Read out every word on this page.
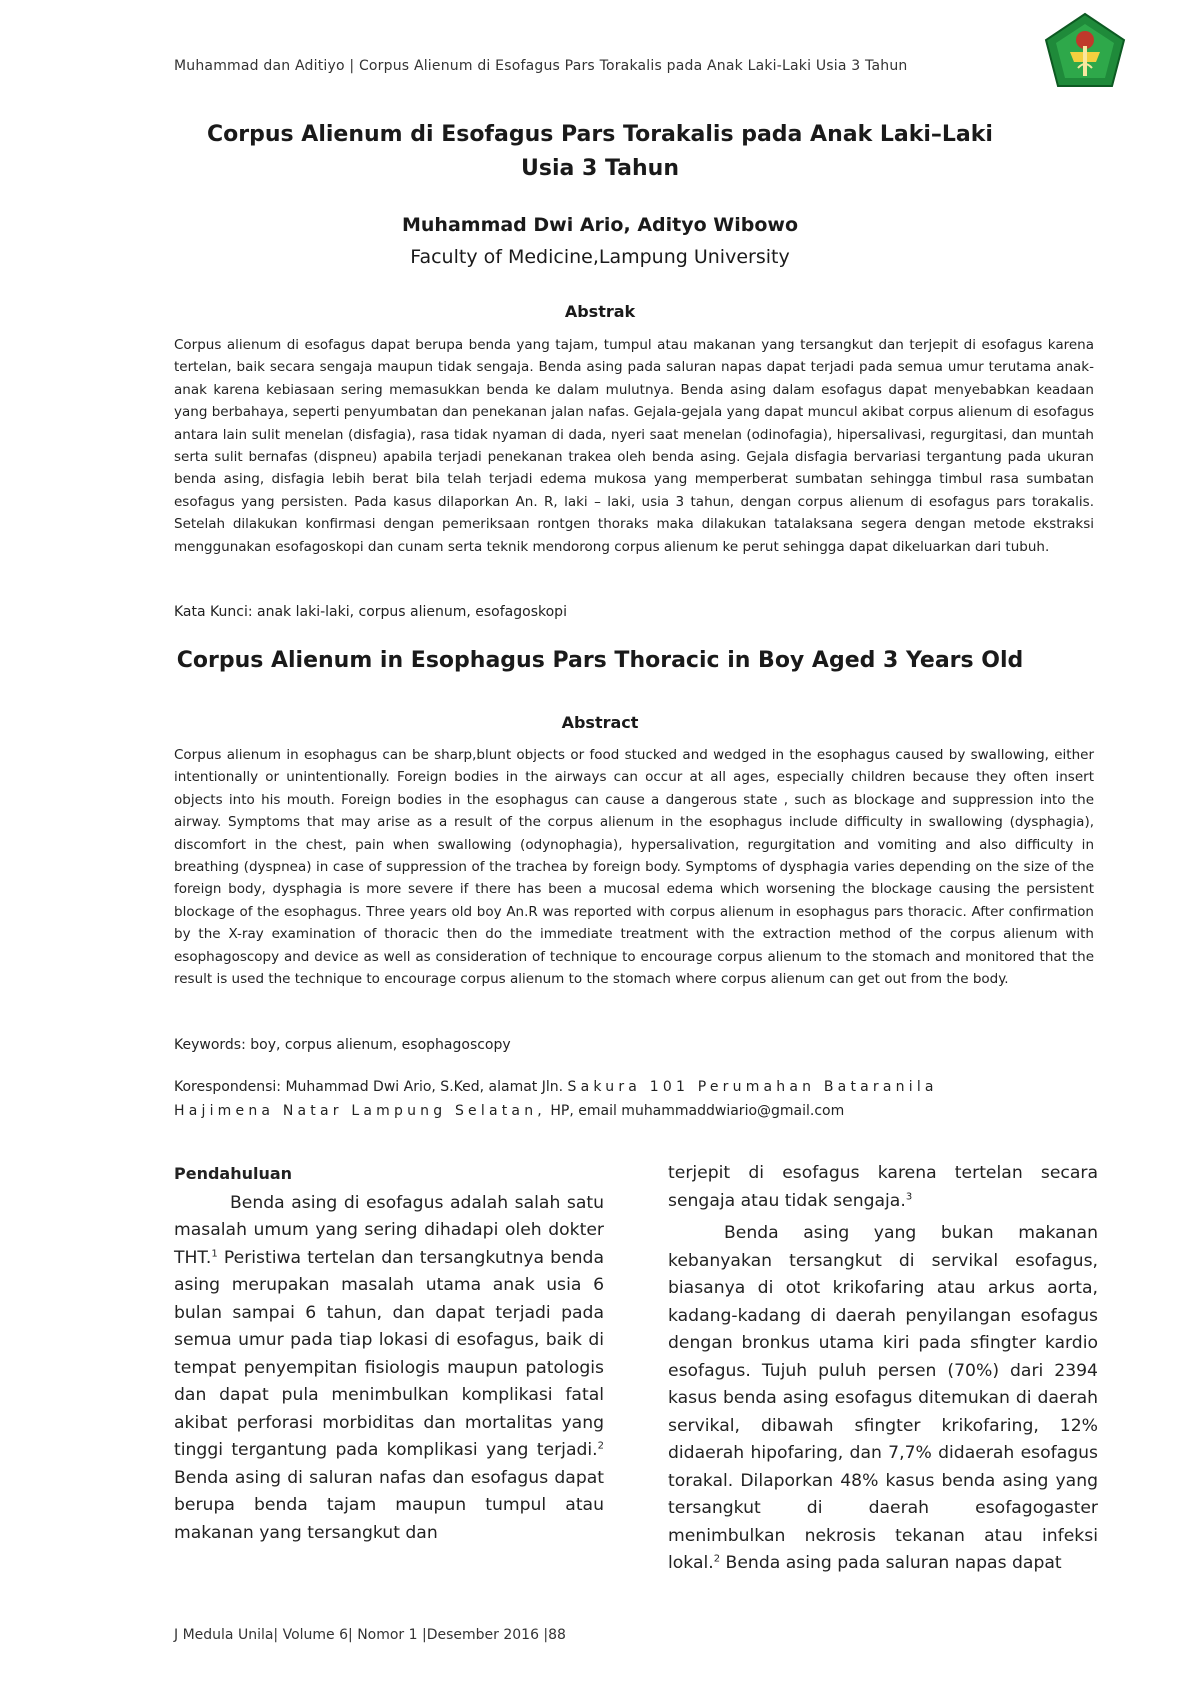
Muhammad dan Aditiyo | Corpus Alienum di Esofagus Pars Torakalis pada Anak Laki-Laki Usia 3 Tahun
Corpus Alienum di Esofagus Pars Torakalis pada Anak Laki–Laki
Usia 3 Tahun
Muhammad Dwi Ario, Adityo Wibowo
Faculty of Medicine,Lampung University
Abstrak
Corpus alienum di esofagus dapat berupa benda yang tajam, tumpul atau makanan yang tersangkut dan terjepit di esofagus karena tertelan, baik secara sengaja maupun tidak sengaja. Benda asing pada saluran napas dapat terjadi pada semua umur terutama anak-anak karena kebiasaan sering memasukkan benda ke dalam mulutnya. Benda asing dalam esofagus dapat menyebabkan keadaan yang berbahaya, seperti penyumbatan dan penekanan jalan nafas. Gejala-gejala yang dapat muncul akibat corpus alienum di esofagus antara lain sulit menelan (disfagia), rasa tidak nyaman di dada, nyeri saat menelan (odinofagia), hipersalivasi, regurgitasi, dan muntah serta sulit bernafas (dispneu) apabila terjadi penekanan trakea oleh benda asing. Gejala disfagia bervariasi tergantung pada ukuran benda asing, disfagia lebih berat bila telah terjadi edema mukosa yang memperberat sumbatan sehingga timbul rasa sumbatan esofagus yang persisten. Pada kasus dilaporkan An. R, laki – laki, usia 3 tahun, dengan corpus alienum di esofagus pars torakalis. Setelah dilakukan konfirmasi dengan pemeriksaan rontgen thoraks maka dilakukan tatalaksana segera dengan metode ekstraksi menggunakan esofagoskopi dan cunam serta teknik mendorong corpus alienum ke perut sehingga dapat dikeluarkan dari tubuh.
Kata Kunci: anak laki-laki, corpus alienum, esofagoskopi
Corpus Alienum in Esophagus Pars Thoracic in Boy Aged 3 Years Old
Abstract
Corpus alienum in esophagus can be sharp,blunt objects or food stucked and wedged in the esophagus caused by swallowing, either intentionally or unintentionally. Foreign bodies in the airways can occur at all ages, especially children because they often insert objects into his mouth. Foreign bodies in the esophagus can cause a dangerous state , such as blockage and suppression into the airway. Symptoms that may arise as a result of the corpus alienum in the esophagus include difficulty in swallowing (dysphagia), discomfort in the chest, pain when swallowing (odynophagia), hypersalivation, regurgitation and vomiting and also difficulty in breathing (dyspnea) in case of suppression of the trachea by foreign body. Symptoms of dysphagia varies depending on the size of the foreign body, dysphagia is more severe if there has been a mucosal edema which worsening the blockage causing the persistent blockage of the esophagus. Three years old boy An.R was reported with corpus alienum in esophagus pars thoracic. After confirmation by the X-ray examination of thoracic then do the immediate treatment with the extraction method of the corpus alienum with esophagoscopy and device as well as consideration of technique to encourage corpus alienum to the stomach and monitored that the result is used the technique to encourage corpus alienum to the stomach where corpus alienum can get out from the body.
Keywords: boy, corpus alienum, esophagoscopy
Korespondensi: Muhammad Dwi Ario, S.Ked, alamat Jln. Sakura 101 Perumahan Bataranila
Hajimena Natar Lampung Selatan, HP, email muhammaddwiario@gmail.com
Pendahuluan

Benda asing di esofagus adalah salah satu masalah umum yang sering dihadapi oleh dokter THT.$^1$ Peristiwa tertelan dan tersangkutnya benda asing merupakan masalah utama anak usia 6 bulan sampai 6 tahun, dan dapat terjadi pada semua umur pada tiap lokasi di esofagus, baik di tempat penyempitan fisiologis maupun patologis dan dapat pula menimbulkan komplikasi fatal akibat perforasi morbiditas dan mortalitas yang tinggi tergantung pada komplikasi yang terjadi.$^2$ Benda asing di saluran nafas dan esofagus dapat berupa benda tajam maupun tumpul atau makanan yang tersangkut dan

terjepit di esofagus karena tertelan secara sengaja atau tidak sengaja.$^3$

Benda asing yang bukan makanan kebanyakan tersangkut di servikal esofagus, biasanya di otot krikofaring atau arkus aorta, kadang-kadang di daerah penyilangan esofagus dengan bronkus utama kiri pada sfingter kardio esofagus. Tujuh puluh persen (70%) dari 2394 kasus benda asing esofagus ditemukan di daerah servikal, dibawah sfingter krikofaring, 12% didaerah hipofaring, dan 7,7% didaerah esofagus torakal. Dilaporkan 48% kasus benda asing yang tersangkut di daerah esofagogaster menimbulkan nekrosis tekanan atau infeksi lokal.$^2$ Benda asing pada saluran napas dapat

J Medula Unila| Volume 6| Nomor 1 |Desember 2016 |88
